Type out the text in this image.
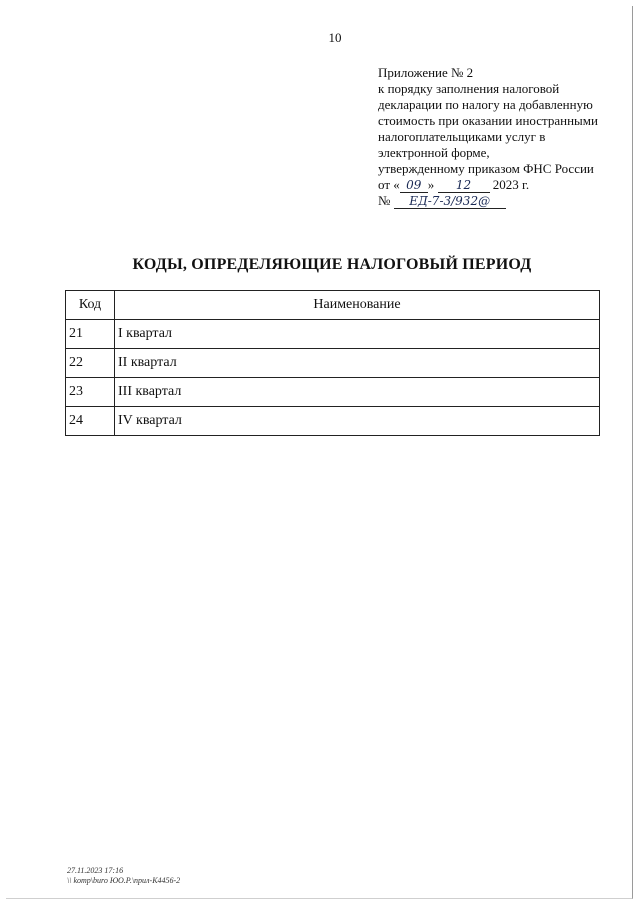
10
Приложение № 2
к порядку заполнения налоговой
декларации по налогу на добавленную
стоимость при оказании иностранными
налогоплательщиками услуг в
электронной форме,
утвержденному приказом ФНС России
от « 09 » 12 2023 г.
№ ЕД-7-3/932@
КОДЫ, ОПРЕДЕЛЯЮЩИЕ НАЛОГОВЫЙ ПЕРИОД
Код	Наименование
21	I квартал
22	II квартал
23	III квартал
24	IV квартал
27.11.2023 17:16
\\ komp\buro ЮО.Р.\прил-К4456-2
